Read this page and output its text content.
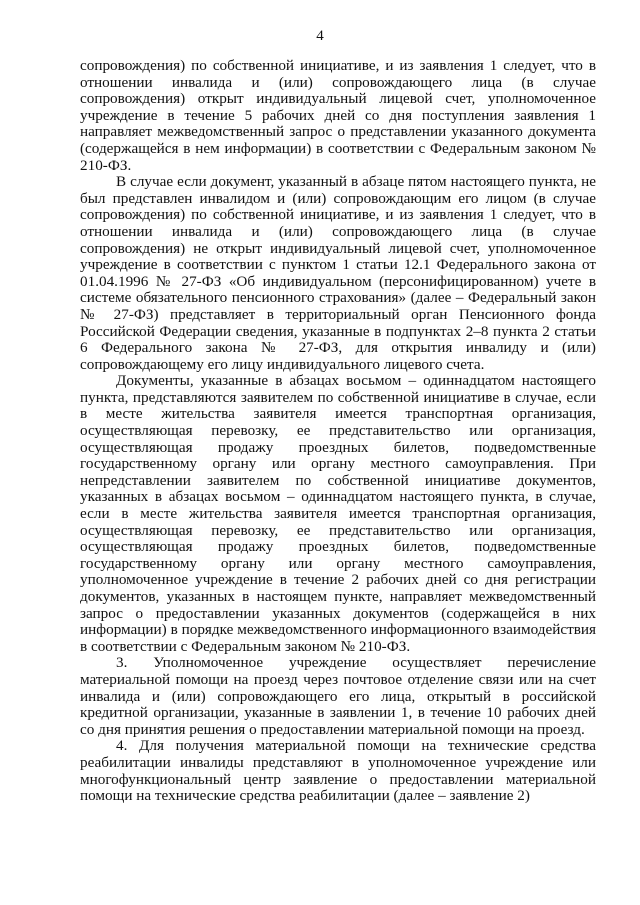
4

сопровождения) по собственной инициативе, и из заявления 1 следует, что в отношении инвалида и (или) сопровождающего лица (в случае сопровождения) открыт индивидуальный лицевой счет, уполномоченное учреждение в течение 5 рабочих дней со дня поступления заявления 1 направляет межведомственный запрос о представлении указанного документа (содержащейся в нем информации) в соответствии с Федеральным законом № 210-ФЗ.

В случае если документ, указанный в абзаце пятом настоящего пункта, не был представлен инвалидом и (или) сопровождающим его лицом (в случае сопровождения) по собственной инициативе, и из заявления 1 следует, что в отношении инвалида и (или) сопровождающего лица (в случае сопровождения) не открыт индивидуальный лицевой счет, уполномоченное учреждение в соответствии с пунктом 1 статьи 12.1 Федерального закона от 01.04.1996 № 27-ФЗ «Об индивидуальном (персонифицированном) учете в системе обязательного пенсионного страхования» (далее – Федеральный закон № 27-ФЗ) представляет в территориальный орган Пенсионного фонда Российской Федерации сведения, указанные в подпунктах 2–8 пункта 2 статьи 6 Федерального закона № 27-ФЗ, для открытия инвалиду и (или) сопровождающему его лицу индивидуального лицевого счета.

Документы, указанные в абзацах восьмом – одиннадцатом настоящего пункта, представляются заявителем по собственной инициативе в случае, если в месте жительства заявителя имеется транспортная организация, осуществляющая перевозку, ее представительство или организация, осуществляющая продажу проездных билетов, подведомственные государственному органу или органу местного самоуправления. При непредставлении заявителем по собственной инициативе документов, указанных в абзацах восьмом – одиннадцатом настоящего пункта, в случае, если в месте жительства заявителя имеется транспортная организация, осуществляющая перевозку, ее представительство или организация, осуществляющая продажу проездных билетов, подведомственные государственному органу или органу местного самоуправления, уполномоченное учреждение в течение 2 рабочих дней со дня регистрации документов, указанных в настоящем пункте, направляет межведомственный запрос о предоставлении указанных документов (содержащейся в них информации) в порядке межведомственного информационного взаимодействия в соответствии с Федеральным законом № 210-ФЗ.

3. Уполномоченное учреждение осуществляет перечисление материальной помощи на проезд через почтовое отделение связи или на счет инвалида и (или) сопровождающего его лица, открытый в российской кредитной организации, указанные в заявлении 1, в течение 10 рабочих дней со дня принятия решения о предоставлении материальной помощи на проезд.

4. Для получения материальной помощи на технические средства реабилитации инвалиды представляют в уполномоченное учреждение или многофункциональный центр заявление о предоставлении материальной помощи на технические средства реабилитации (далее – заявление 2)
